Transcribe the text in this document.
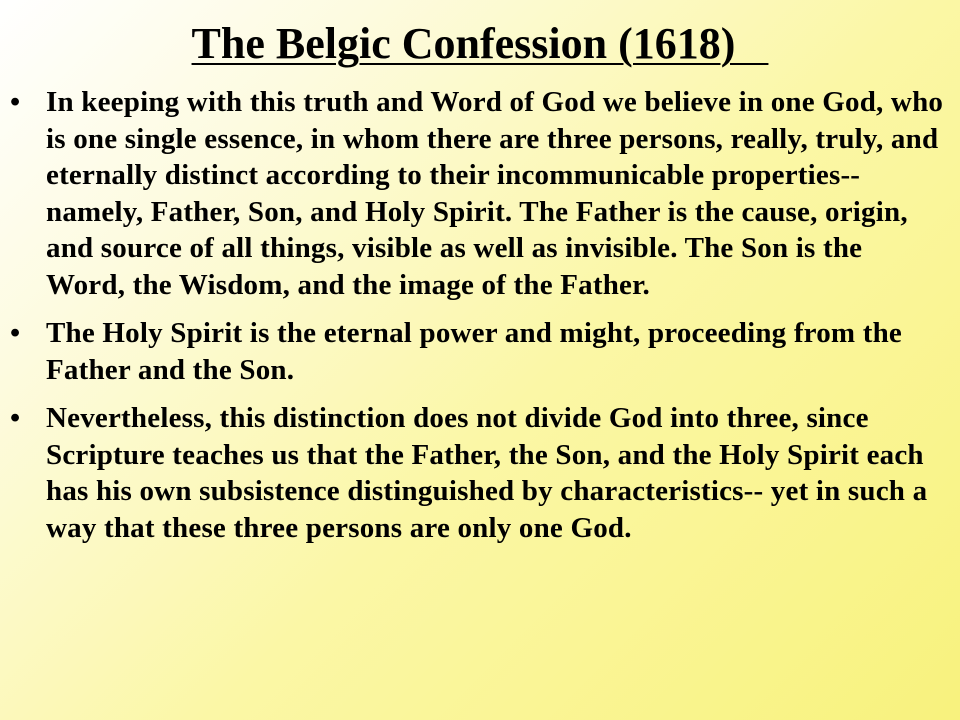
The Belgic Confession (1618)
• In keeping with this truth and Word of God we believe in one God, who is one single essence, in whom there are three persons, really, truly, and eternally distinct according to their incommunicable properties-- namely, Father, Son, and Holy Spirit. The Father is the cause, origin, and source of all things, visible as well as invisible. The Son is the Word, the Wisdom, and the image of the Father.
• The Holy Spirit is the eternal power and might, proceeding from the Father and the Son.
• Nevertheless, this distinction does not divide God into three, since Scripture teaches us that the Father, the Son, and the Holy Spirit each has his own subsistence distinguished by characteristics-- yet in such a way that these three persons are only one God.
